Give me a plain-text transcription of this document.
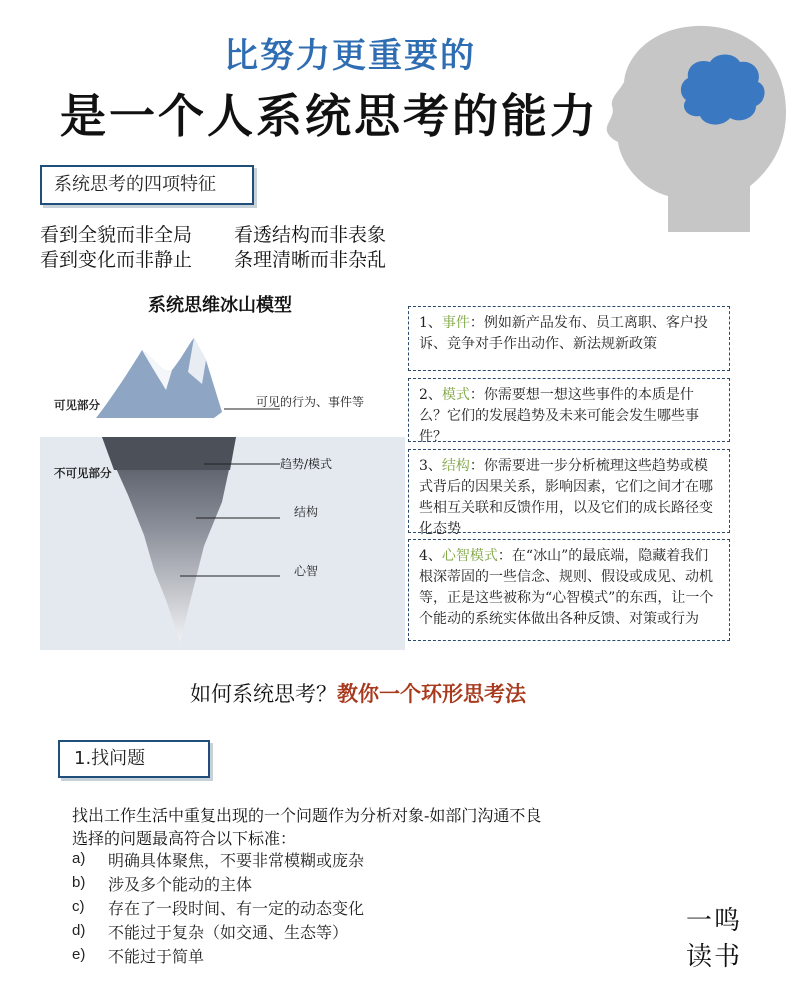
比努力更重要的
是一个人系统思考的能力
系统思考的四项特征
看到全貌而非全局 看透结构而非表象
看到变化而非静止 条理清晰而非杂乱
系统思维冰山模型
可见部分
不可见部分
可见的行为、事件等
趋势/模式
结构
心智
1、事件：例如新产品发布、员工离职、客户投诉、竞争对手作出动作、新法规新政策
2、模式：你需要想一想这些事件的本质是什么？它们的发展趋势及未来可能会发生哪些事件？
3、结构：你需要进一步分析梳理这些趋势或模式背后的因果关系，影响因素，它们之间才在哪些相互关联和反馈作用，以及它们的成长路径变化态势
4、心智模式：在“冰山”的最底端，隐藏着我们根深蒂固的一些信念、规则、假设或成见、动机等，正是这些被称为“心智模式”的东西，让一个个能动的系统实体做出各种反馈、对策或行为
如何系统思考？教你一个环形思考法
1.找问题
找出工作生活中重复出现的一个问题作为分析对象-如部门沟通不良
选择的问题最高符合以下标准：
a)	明确具体聚焦，不要非常模糊或庞杂
b)	涉及多个能动的主体
c)	存在了一段时间、有一定的动态变化
d)	不能过于复杂（如交通、生态等）
e)	不能过于简单
一鸣
读书
